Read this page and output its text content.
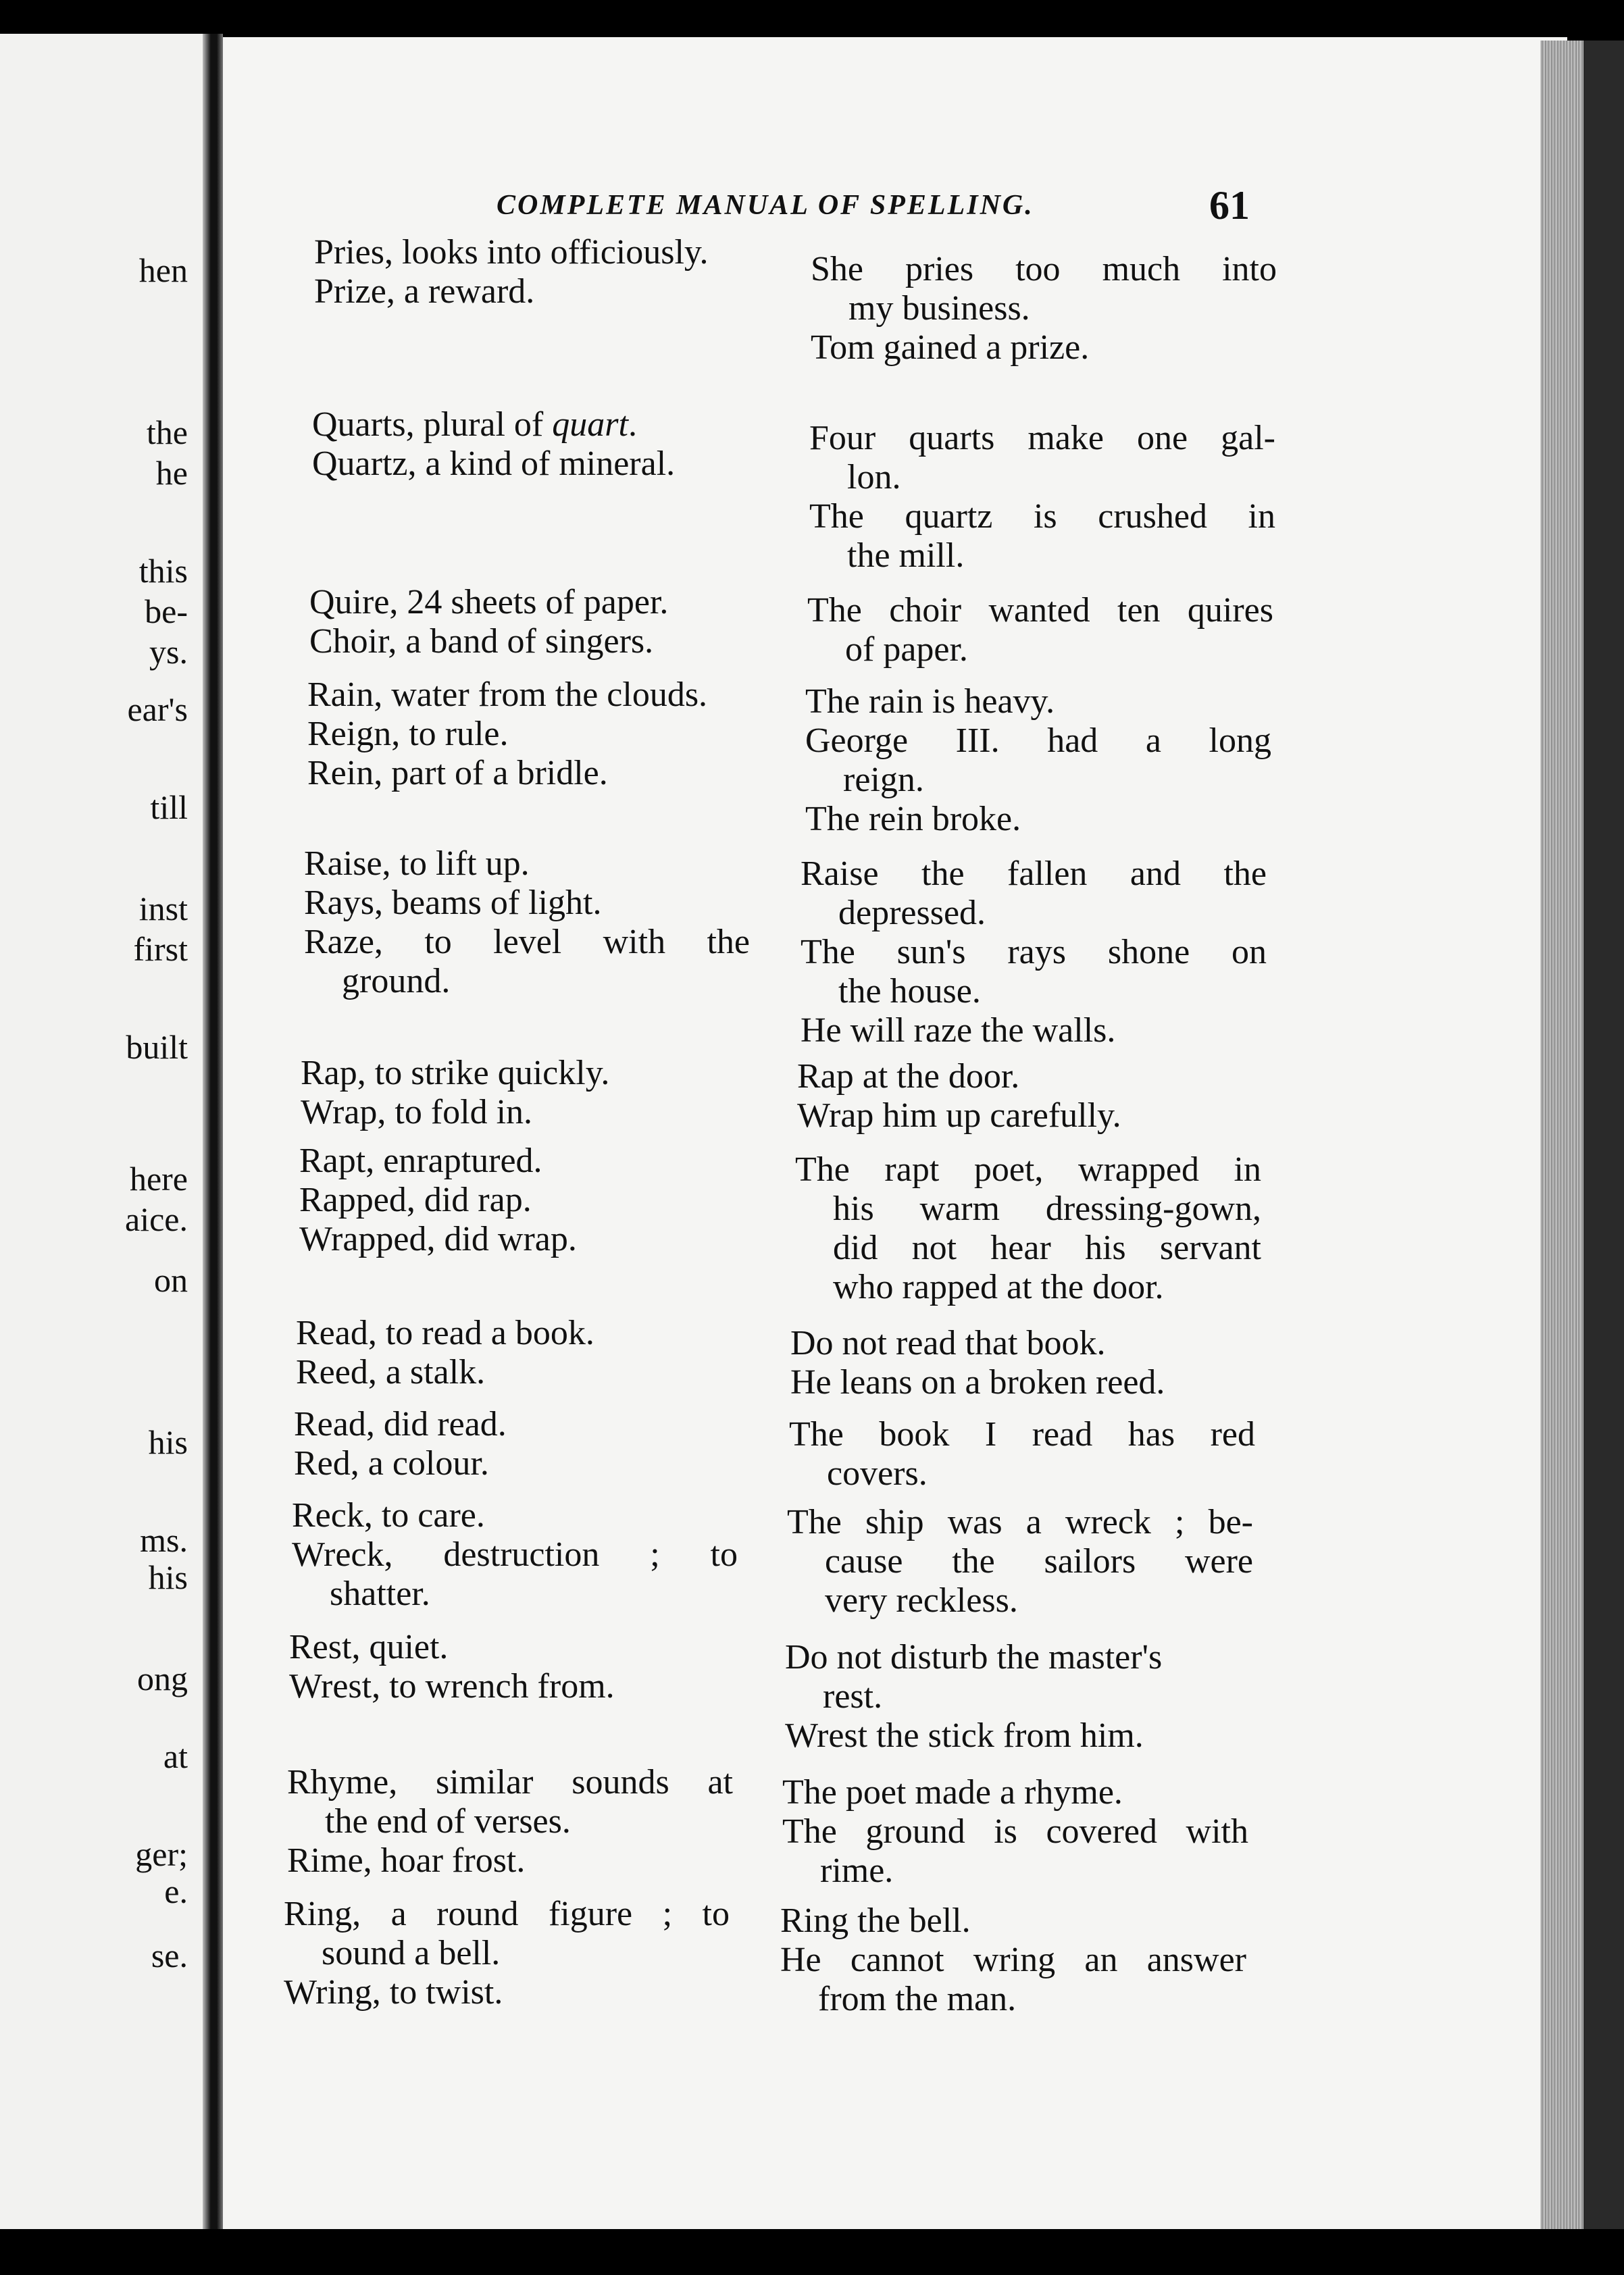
hen

the

he

this

be-

ys.

ear's

till

inst

first

built

here

aice.

on

his

ms.

his

ong

at

ger;

e.

se.

COMPLETE MANUAL OF SPELLING.	61

Pries, looks into officiously.
Prize, a reward.
She pries too much into
my business.
Tom gained a prize.
Quarts, plural of quart.
Quartz, a kind of mineral.
Four quarts make one gal-
lon.
The quartz is crushed in
the mill.
Quire, 24 sheets of paper.
Choir, a band of singers.
The choir wanted ten quires
of paper.
Rain, water from the clouds.
Reign, to rule.
Rein, part of a bridle.
The rain is heavy.
George III. had a long
reign.
The rein broke.
Raise, to lift up.
Rays, beams of light.
Raze, to level with the
ground.
Raise the fallen and the
depressed.
The sun's rays shone on
the house.
He will raze the walls.
Rap, to strike quickly.
Wrap, to fold in.
Rap at the door.
Wrap him up carefully.
Rapt, enraptured.
Rapped, did rap.
Wrapped, did wrap.
The rapt poet, wrapped in
his warm dressing-gown,
did not hear his servant
who rapped at the door.
Read, to read a book.
Reed, a stalk.
Do not read that book.
He leans on a broken reed.
Read, did read.
Red, a colour.
The book I read has red
covers.
Reck, to care.
Wreck, destruction ; to
shatter.
The ship was a wreck ; be-
cause the sailors were
very reckless.
Rest, quiet.
Wrest, to wrench from.
Do not disturb the master's
rest.
Wrest the stick from him.
Rhyme, similar sounds at
the end of verses.
Rime, hoar frost.
The poet made a rhyme.
The ground is covered with
rime.
Ring, a round figure ; to
sound a bell.
Wring, to twist.
Ring the bell.
He cannot wring an answer
from the man.
